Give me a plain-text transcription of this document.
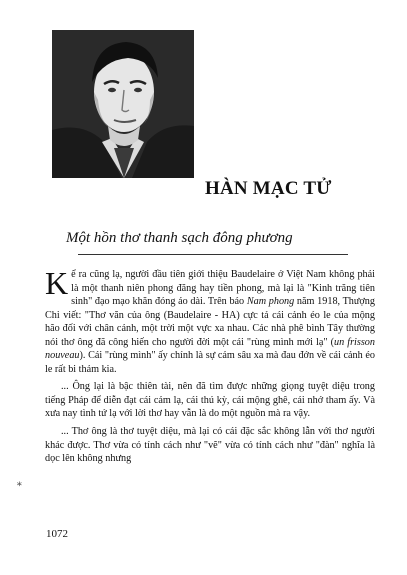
HÀN MẠC TỬ
Một hồn thơ thanh sạch đông phương

Kể ra cũng lạ, người đầu tiên giới thiệu Baudelaire ở Việt Nam không phải là một thanh niên phong đăng hay tiền phong, mà lại là "Kinh trăng tiên sinh" đạo mạo khăn đóng áo dài. Trên báo Nam phong năm 1918, Thượng Chi viết: "Thơ văn của ông (Baudelaire - HA) cực tả cái cảnh éo le của mộng hão đối với chân cảnh, một trời một vực xa nhau. Các nhà phê bình Tây thường nói thơ ông đã công hiến cho người đời một cái "rùng mình mới lạ" (un frisson nouveau). Cái "rùng mình" ấy chính là sự cảm sâu xa mà đau đớn về cái cảnh éo le rất bi thảm kia.

... Ông lại là bậc thiên tài, nên đã tìm được những giọng tuyệt diệu trong tiếng Pháp để diễn đạt cái cảm lạ, cái thú kỳ, cái mộng ghê, cái nhớ tham ấy. Và xưa nay tình tứ lạ với lời thơ hay vẫn là do một nguồn mà ra vậy.

... Thơ ông là thơ tuyệt diệu, mà lại có cái đặc sắc không lẫn với thơ người khác được. Thơ vừa có tính cách như "vẽ" vừa có tính cách như "đàn" nghĩa là dọc lên không nhưng

∗
1072
